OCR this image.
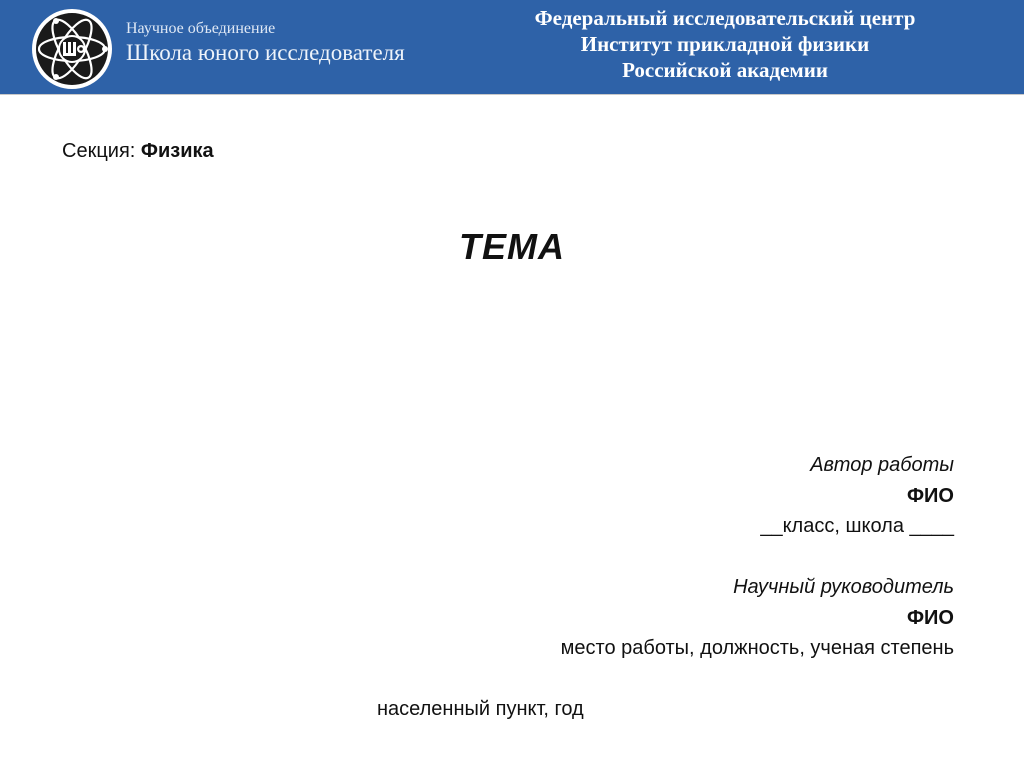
Научное объединение
Школа юного исследователя
Федеральный исследовательский центр
Институт прикладной физики
Российской академии
Секция: Физика
ТЕМА
Автор работы
ФИО
__класс, школа ____
Научный руководитель
ФИО
место работы, должность, ученая степень
населенный пункт, год
